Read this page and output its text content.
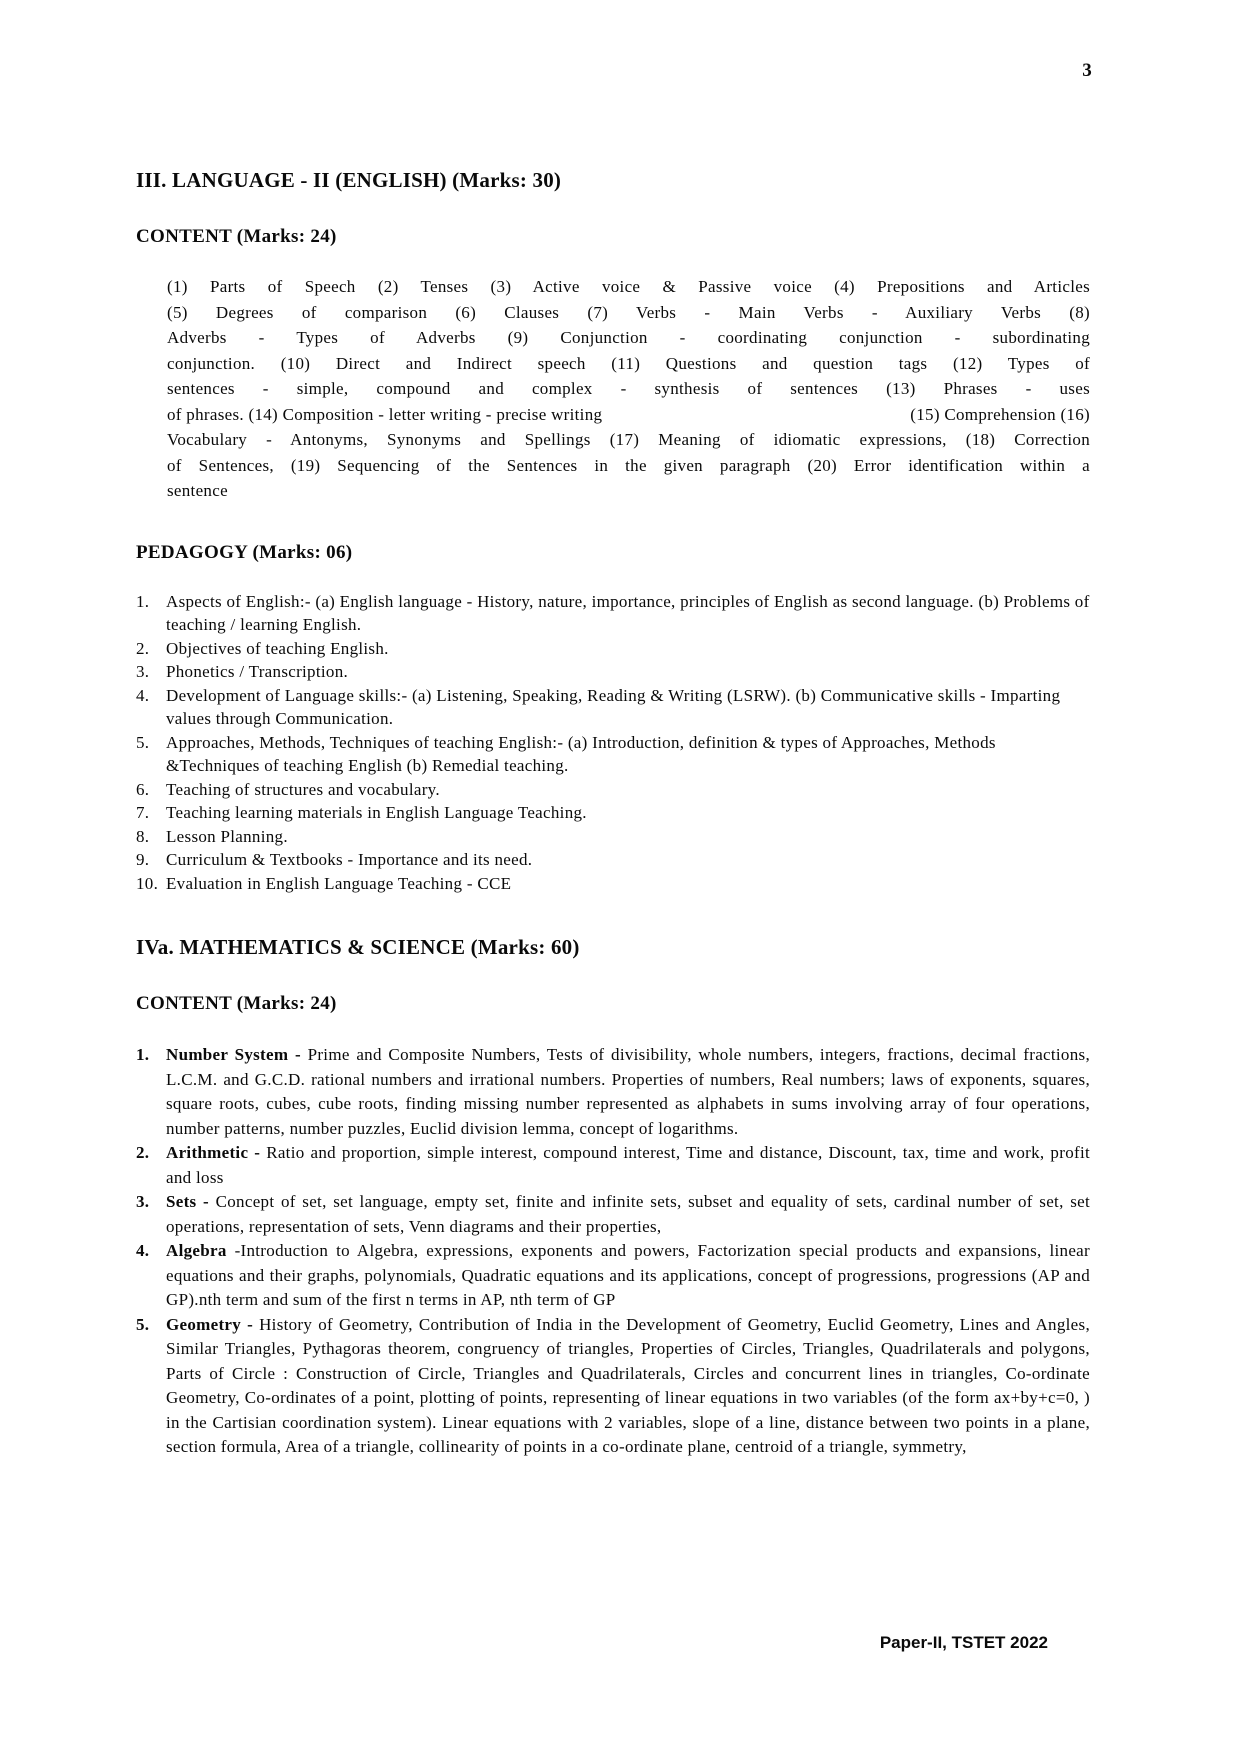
3
III. LANGUAGE - II (ENGLISH) (Marks: 30)
CONTENT (Marks: 24)
(1) Parts of Speech (2) Tenses (3) Active voice & Passive voice (4) Prepositions and Articles
(5) Degrees of comparison (6) Clauses (7) Verbs - Main Verbs - Auxiliary Verbs (8)
Adverbs - Types of Adverbs (9) Conjunction - coordinating conjunction - subordinating
conjunction. (10) Direct and Indirect speech (11) Questions and question tags (12) Types of
sentences - simple, compound and complex - synthesis of sentences (13) Phrases - uses
of phrases. (14) Composition - letter writing - precise writing	(15) Comprehension (16)
Vocabulary - Antonyms, Synonyms and Spellings (17) Meaning of idiomatic expressions, (18) Correction
of Sentences, (19) Sequencing of the Sentences in the given paragraph (20) Error identification within a
sentence
PEDAGOGY (Marks: 06)
1. Aspects of English:- (a) English language - History, nature, importance, principles of English as second language. (b) Problems of teaching / learning English.
2. Objectives of teaching English.
3. Phonetics / Transcription.
4. Development of Language skills:- (a) Listening, Speaking, Reading & Writing (LSRW). (b) Communicative skills - Imparting values through Communication.
5. Approaches, Methods, Techniques of teaching English:- (a) Introduction, definition & types of Approaches, Methods &Techniques of teaching English (b) Remedial teaching.
6. Teaching of structures and vocabulary.
7. Teaching learning materials in English Language Teaching.
8. Lesson Planning.
9. Curriculum & Textbooks - Importance and its need.
10. Evaluation in English Language Teaching - CCE
IVa. MATHEMATICS & SCIENCE (Marks: 60)
CONTENT (Marks: 24)
1. Number System - Prime and Composite Numbers, Tests of divisibility, whole numbers, integers, fractions, decimal fractions, L.C.M. and G.C.D. rational numbers and irrational numbers. Properties of numbers, Real numbers; laws of exponents, squares, square roots, cubes, cube roots, finding missing number represented as alphabets in sums involving array of four operations, number patterns, number puzzles, Euclid division lemma, concept of logarithms.
2. Arithmetic - Ratio and proportion, simple interest, compound interest, Time and distance, Discount, tax, time and work, profit and loss
3. Sets - Concept of set, set language, empty set, finite and infinite sets, subset and equality of sets, cardinal number of set, set operations, representation of sets, Venn diagrams and their properties,
4. Algebra -Introduction to Algebra, expressions, exponents and powers, Factorization special products and expansions, linear equations and their graphs, polynomials, Quadratic equations and its applications, concept of progressions, progressions (AP and GP).nth term and sum of the first n terms in AP, nth term of GP
5. Geometry - History of Geometry, Contribution of India in the Development of Geometry, Euclid Geometry, Lines and Angles, Similar Triangles, Pythagoras theorem, congruency of triangles, Properties of Circles, Triangles, Quadrilaterals and polygons, Parts of Circle : Construction of Circle, Triangles and Quadrilaterals, Circles and concurrent lines in triangles, Co-ordinate Geometry, Co-ordinates of a point, plotting of points, representing of linear equations in two variables (of the form ax+by+c=0, ) in the Cartisian coordination system). Linear equations with 2 variables, slope of a line, distance between two points in a plane, section formula, Area of a triangle, collinearity of points in a co-ordinate plane, centroid of a triangle, symmetry,
Paper-II, TSTET 2022
